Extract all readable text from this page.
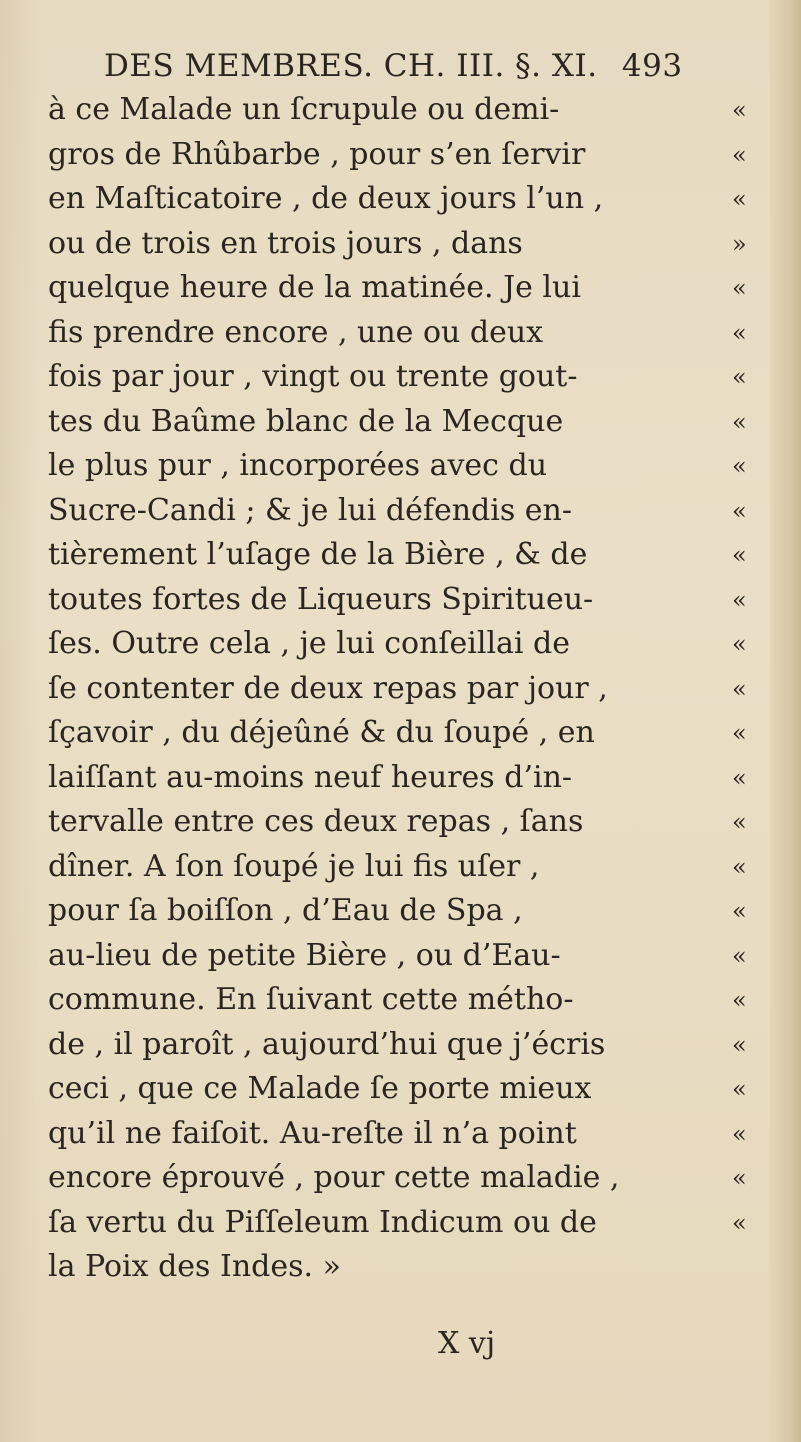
DES MEMBRES. CH. III. §. XI. 493
à ce Malade un ſcrupule ou demi-	«
gros de Rhûbarbe , pour s’en ſervir	«
en Maſticatoire , de deux jours l’un ,	«
ou de trois en trois jours , dans	»
quelque heure de la matinée. Je lui	«
fis prendre encore , une ou deux	«
fois par jour , vingt ou trente gout-	«
tes du Baûme blanc de la Mecque	«
le plus pur , incorporées avec du	«
Sucre-Candi ; & je lui défendis en-	«
tièrement l’uſage de la Bière , & de	«
toutes fortes de Liqueurs Spiritueu-	«
ſes. Outre cela , je lui conſeillai de	«
ſe contenter de deux repas par jour ,	«
ſçavoir , du déjeûné & du ſoupé , en	«
laiſſant au-moins neuf heures d’in-	«
tervalle entre ces deux repas , ſans	«
dîner. A ſon ſoupé je lui fis uſer ,	«
pour ſa boiſſon , d’Eau de Spa ,	«
au-lieu de petite Bière , ou d’Eau-	«
commune. En ſuivant cette métho-	«
de , il paroît , aujourd’hui que j’écris	«
ceci , que ce Malade ſe porte mieux	«
qu’il ne faiſoit. Au-reſte il n’a point	«
encore éprouvé , pour cette maladie ,	«
ſa vertu du Piſſeleum Indicum ou de	«
la Poix des Indes. »
X vj
